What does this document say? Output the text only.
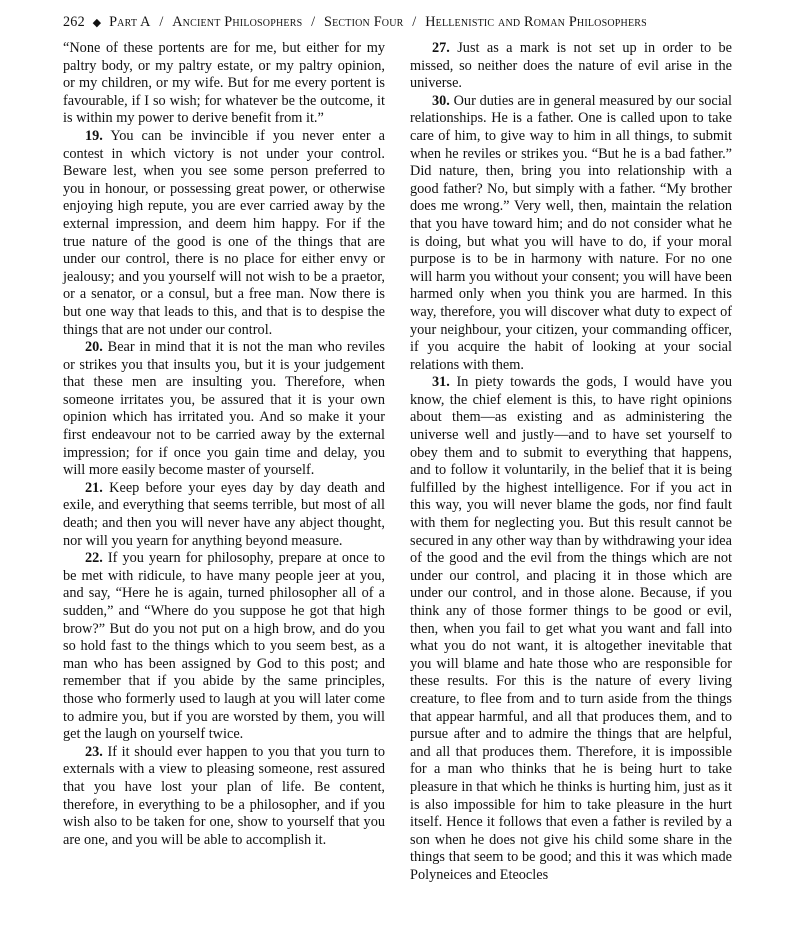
262 ◆ Part A / Ancient Philosophers / Section Four / Hellenistic and Roman Philosophers

“None of these portents are for me, but either for my paltry body, or my paltry estate, or my paltry opinion, or my children, or my wife. But for me every portent is favourable, if I so wish; for whatever be the outcome, it is within my power to derive benefit from it.”

19. You can be invincible if you never enter a contest in which victory is not under your control. Beware lest, when you see some person preferred to you in honour, or possessing great power, or otherwise enjoying high repute, you are ever carried away by the external impression, and deem him happy. For if the true nature of the good is one of the things that are under our control, there is no place for either envy or jealousy; and you yourself will not wish to be a praetor, or a senator, or a consul, but a free man. Now there is but one way that leads to this, and that is to despise the things that are not under our control.

20. Bear in mind that it is not the man who reviles or strikes you that insults you, but it is your judgement that these men are insulting you. Therefore, when someone irritates you, be assured that it is your own opinion which has irritated you. And so make it your first endeavour not to be carried away by the external impression; for if once you gain time and delay, you will more easily become master of yourself.

21. Keep before your eyes day by day death and exile, and everything that seems terrible, but most of all death; and then you will never have any abject thought, nor will you yearn for anything beyond measure.

22. If you yearn for philosophy, prepare at once to be met with ridicule, to have many people jeer at you, and say, “Here he is again, turned philosopher all of a sudden,” and “Where do you suppose he got that high brow?” But do you not put on a high brow, and do you so hold fast to the things which to you seem best, as a man who has been assigned by God to this post; and remember that if you abide by the same principles, those who formerly used to laugh at you will later come to admire you, but if you are worsted by them, you will get the laugh on yourself twice.

23. If it should ever happen to you that you turn to externals with a view to pleasing someone, rest assured that you have lost your plan of life. Be content, therefore, in everything to be a philosopher, and if you wish also to be taken for one, show to yourself that you are one, and you will be able to accomplish it.

27. Just as a mark is not set up in order to be missed, so neither does the nature of evil arise in the universe.

30. Our duties are in general measured by our social relationships. He is a father. One is called upon to take care of him, to give way to him in all things, to submit when he reviles or strikes you. “But he is a bad father.” Did nature, then, bring you into relationship with a good father? No, but simply with a father. “My brother does me wrong.” Very well, then, maintain the relation that you have toward him; and do not consider what he is doing, but what you will have to do, if your moral purpose is to be in harmony with nature. For no one will harm you without your consent; you will have been harmed only when you think you are harmed. In this way, therefore, you will discover what duty to expect of your neighbour, your citizen, your commanding officer, if you acquire the habit of looking at your social relations with them.

31. In piety towards the gods, I would have you know, the chief element is this, to have right opinions about them—as existing and as administering the universe well and justly—and to have set yourself to obey them and to submit to everything that happens, and to follow it voluntarily, in the belief that it is being fulfilled by the highest intelligence. For if you act in this way, you will never blame the gods, nor find fault with them for neglecting you. But this result cannot be secured in any other way than by withdrawing your idea of the good and the evil from the things which are not under our control, and placing it in those which are under our control, and in those alone. Because, if you think any of those former things to be good or evil, then, when you fail to get what you want and fall into what you do not want, it is altogether inevitable that you will blame and hate those who are responsible for these results. For this is the nature of every living creature, to flee from and to turn aside from the things that appear harmful, and all that produces them, and to pursue after and to admire the things that are helpful, and all that produces them. Therefore, it is impossible for a man who thinks that he is being hurt to take pleasure in that which he thinks is hurting him, just as it is also impossible for him to take pleasure in the hurt itself. Hence it follows that even a father is reviled by a son when he does not give his child some share in the things that seem to be good; and this it was which made Polyneices and Eteocles
